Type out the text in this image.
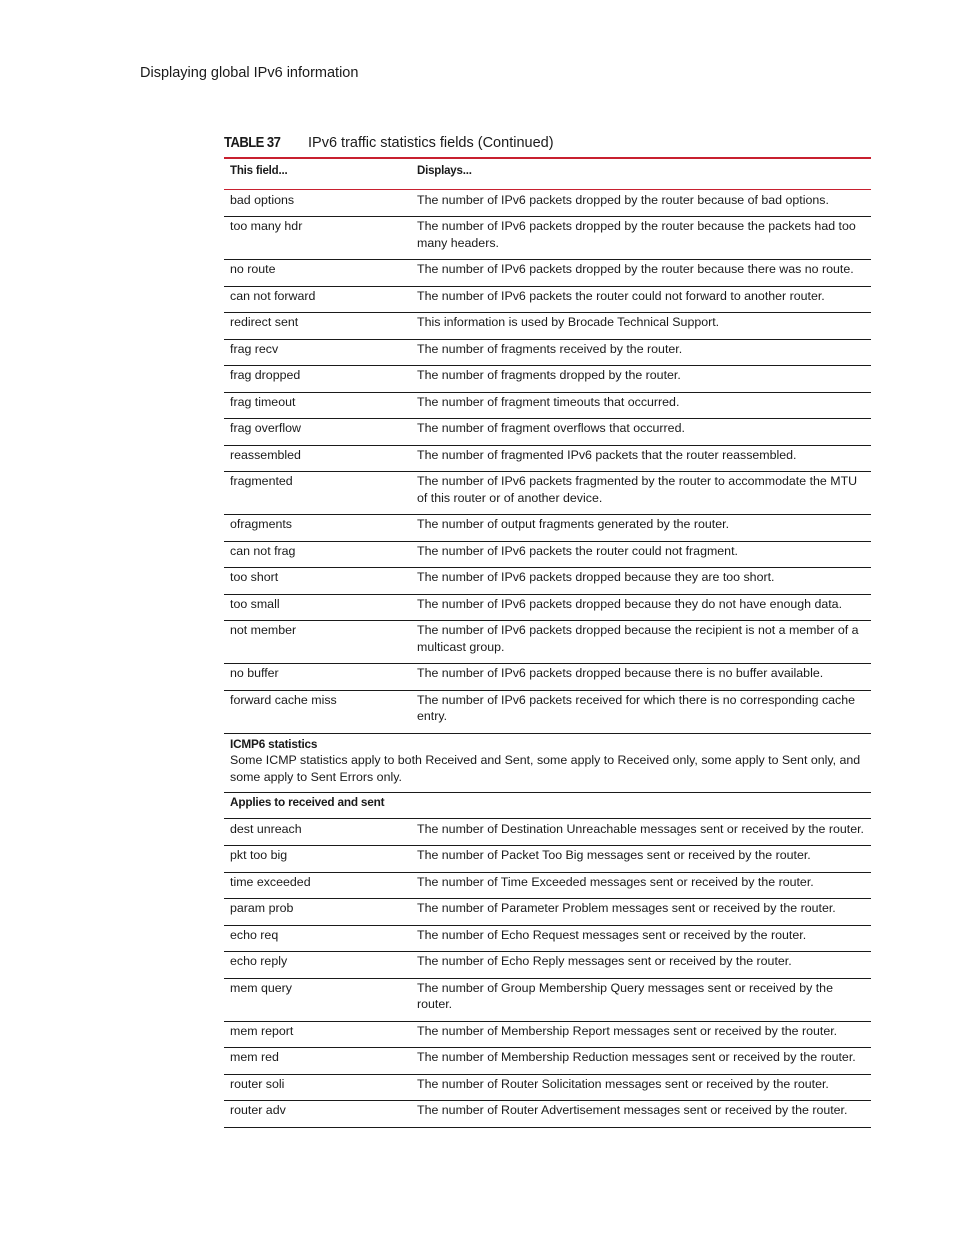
Displaying global IPv6 information
TABLE 37	IPv6 traffic statistics fields (Continued)
This field...	Displays...
bad options	The number of IPv6 packets dropped by the router because of bad options.
too many hdr	The number of IPv6 packets dropped by the router because the packets had too many headers.
no route	The number of IPv6 packets dropped by the router because there was no route.
can not forward	The number of IPv6 packets the router could not forward to another router.
redirect sent	This information is used by Brocade Technical Support.
frag recv	The number of fragments received by the router.
frag dropped	The number of fragments dropped by the router.
frag timeout	The number of fragment timeouts that occurred.
frag overflow	The number of fragment overflows that occurred.
reassembled	The number of fragmented IPv6 packets that the router reassembled.
fragmented	The number of IPv6 packets fragmented by the router to accommodate the MTU of this router or of another device.
ofragments	The number of output fragments generated by the router.
can not frag	The number of IPv6 packets the router could not fragment.
too short	The number of IPv6 packets dropped because they are too short.
too small	The number of IPv6 packets dropped because they do not have enough data.
not member	The number of IPv6 packets dropped because the recipient is not a member of a multicast group.
no buffer	The number of IPv6 packets dropped because there is no buffer available.
forward cache miss	The number of IPv6 packets received for which there is no corresponding cache entry.
ICMP6 statistics
Some ICMP statistics apply to both Received and Sent, some apply to Received only, some apply to Sent only, and some apply to Sent Errors only.
Applies to received and sent
dest unreach	The number of Destination Unreachable messages sent or received by the router.
pkt too big	The number of Packet Too Big messages sent or received by the router.
time exceeded	The number of Time Exceeded messages sent or received by the router.
param prob	The number of Parameter Problem messages sent or received by the router.
echo req	The number of Echo Request messages sent or received by the router.
echo reply	The number of Echo Reply messages sent or received by the router.
mem query	The number of Group Membership Query messages sent or received by the router.
mem report	The number of Membership Report messages sent or received by the router.
mem red	The number of Membership Reduction messages sent or received by the router.
router soli	The number of Router Solicitation messages sent or received by the router.
router adv	The number of Router Advertisement messages sent or received by the router.
